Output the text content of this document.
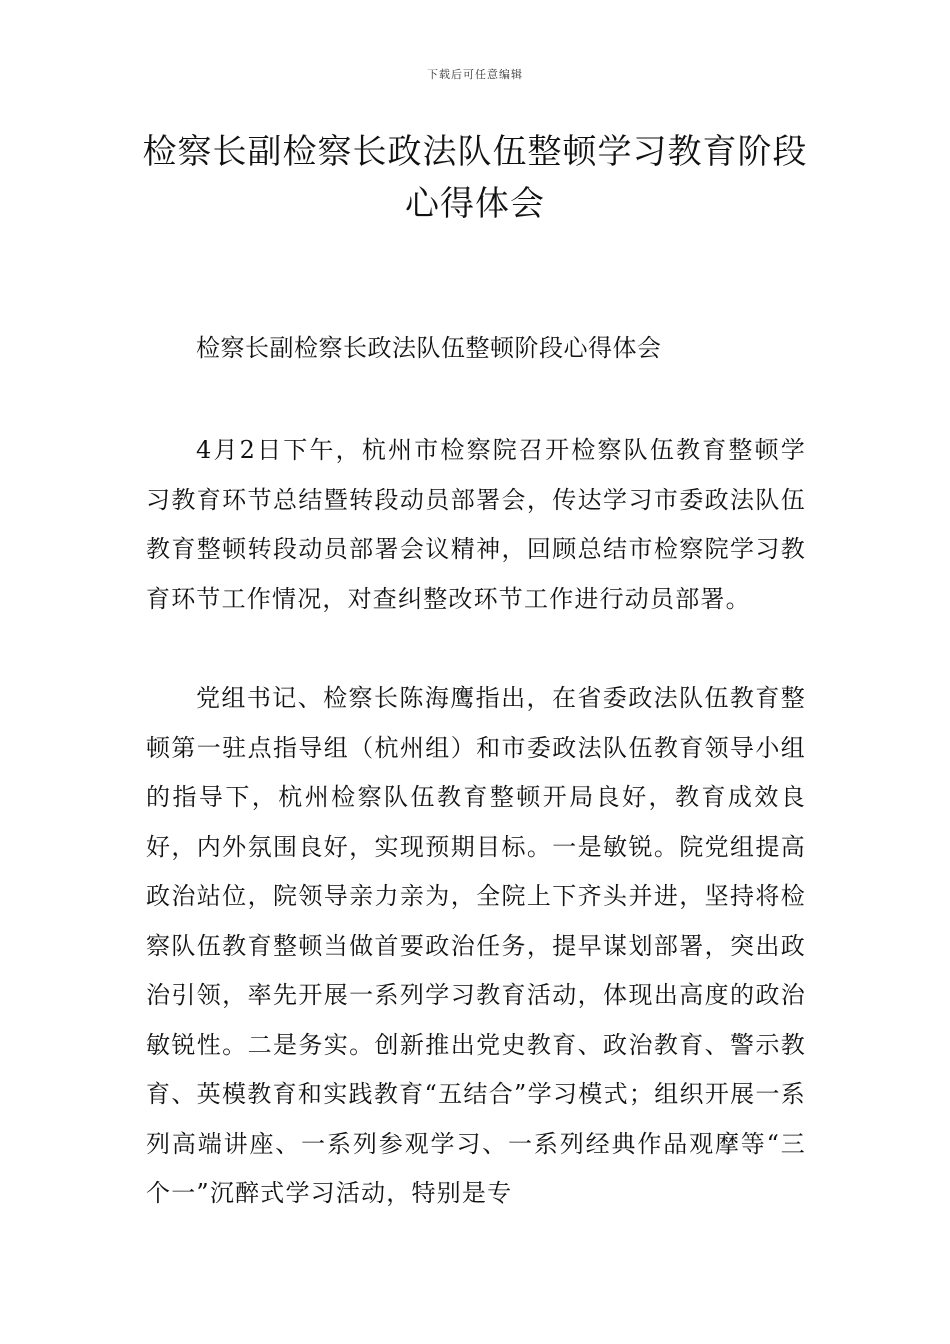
下载后可任意编辑
检察长副检察长政法队伍整顿学习教育阶段心得体会

检察长副检察长政法队伍整顿阶段心得体会

4月2日下午，杭州市检察院召开检察队伍教育整顿学习教育环节总结暨转段动员部署会，传达学习市委政法队伍教育整顿转段动员部署会议精神，回顾总结市检察院学习教育环节工作情况，对查纠整改环节工作进行动员部署。

党组书记、检察长陈海鹰指出，在省委政法队伍教育整顿第一驻点指导组（杭州组）和市委政法队伍教育领导小组的指导下，杭州检察队伍教育整顿开局良好，教育成效良好，内外氛围良好，实现预期目标。一是敏锐。院党组提高政治站位，院领导亲力亲为，全院上下齐头并进，坚持将检察队伍教育整顿当做首要政治任务，提早谋划部署，突出政治引领，率先开展一系列学习教育活动，体现出高度的政治敏锐性。二是务实。创新推出党史教育、政治教育、警示教育、英模教育和实践教育“五结合”学习模式；组织开展一系列高端讲座、一系列参观学习、一系列经典作品观摩等“三个一”沉醉式学习活动，特别是专
